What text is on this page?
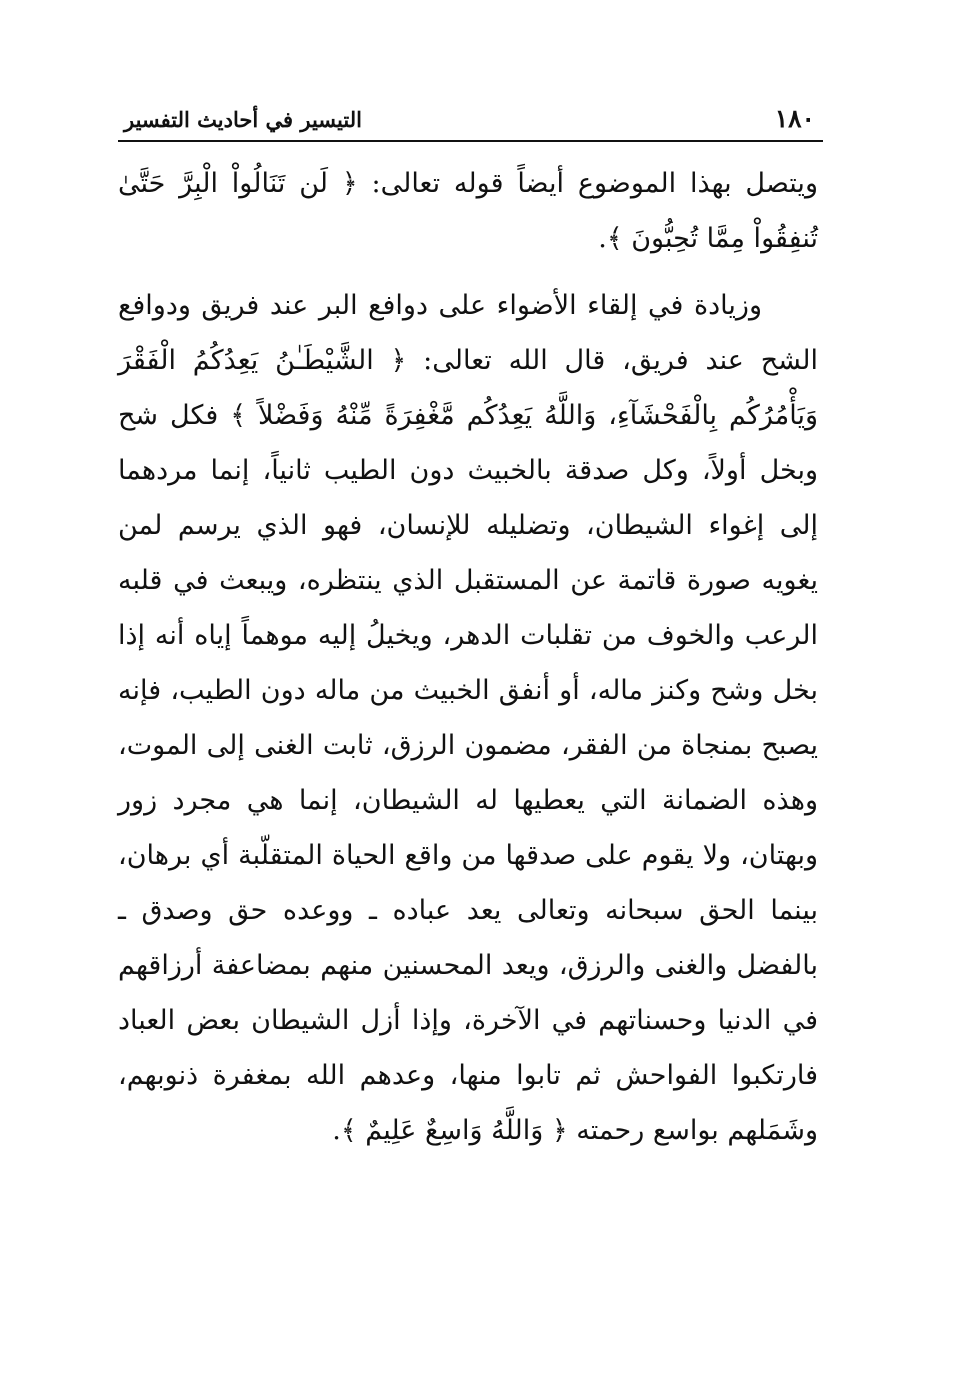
١٨٠
التيسير في أحاديث التفسير

ويتصل بهذا الموضوع أيضاً قوله تعالى: ﴿ لَن تَنَالُواْ الْبِرَّ حَتَّىٰ تُنفِقُواْ مِمَّا تُحِبُّونَ ﴾.

وزيادة في إلقاء الأضواء على دوافع البر عند فريق ودوافع الشح عند فريق، قال الله تعالى: ﴿ الشَّيْطَـٰنُ يَعِدُكُمُ الْفَقْرَ وَيَأْمُرُكُم بِالْفَحْشَآءِ، وَاللَّهُ يَعِدُكُم مَّغْفِرَةً مِّنْهُ وَفَضْلاً ﴾ فكل شح وبخل أولاً، وكل صدقة بالخبيث دون الطيب ثانياً، إنما مردهما إلى إغواء الشيطان، وتضليله للإنسان، فهو الذي يرسم لمن يغويه صورة قاتمة عن المستقبل الذي ينتظره، ويبعث في قلبه الرعب والخوف من تقلبات الدهر، ويخيلُ إليه موهماً إياه أنه إذا بخل وشح وكنز ماله، أو أنفق الخبيث من ماله دون الطيب، فإنه يصبح بمنجاة من الفقر، مضمون الرزق، ثابت الغنى إلى الموت، وهذه الضمانة التي يعطيها له الشيطان، إنما هي مجرد زور وبهتان، ولا يقوم على صدقها من واقع الحياة المتقلّبة أي برهان، بينما الحق سبحانه وتعالى يعد عباده ـ ووعده حق وصدق ـ بالفضل والغنى والرزق، ويعد المحسنين منهم بمضاعفة أرزاقهم في الدنيا وحسناتهم في الآخرة، وإذا أزل الشيطان بعض العباد فارتكبوا الفواحش ثم تابوا منها، وعدهم الله بمغفرة ذنوبهم، وشَمَلهم بواسع رحمته ﴿ وَاللَّهُ وَاسِعٌ عَلِيمٌ ﴾.
